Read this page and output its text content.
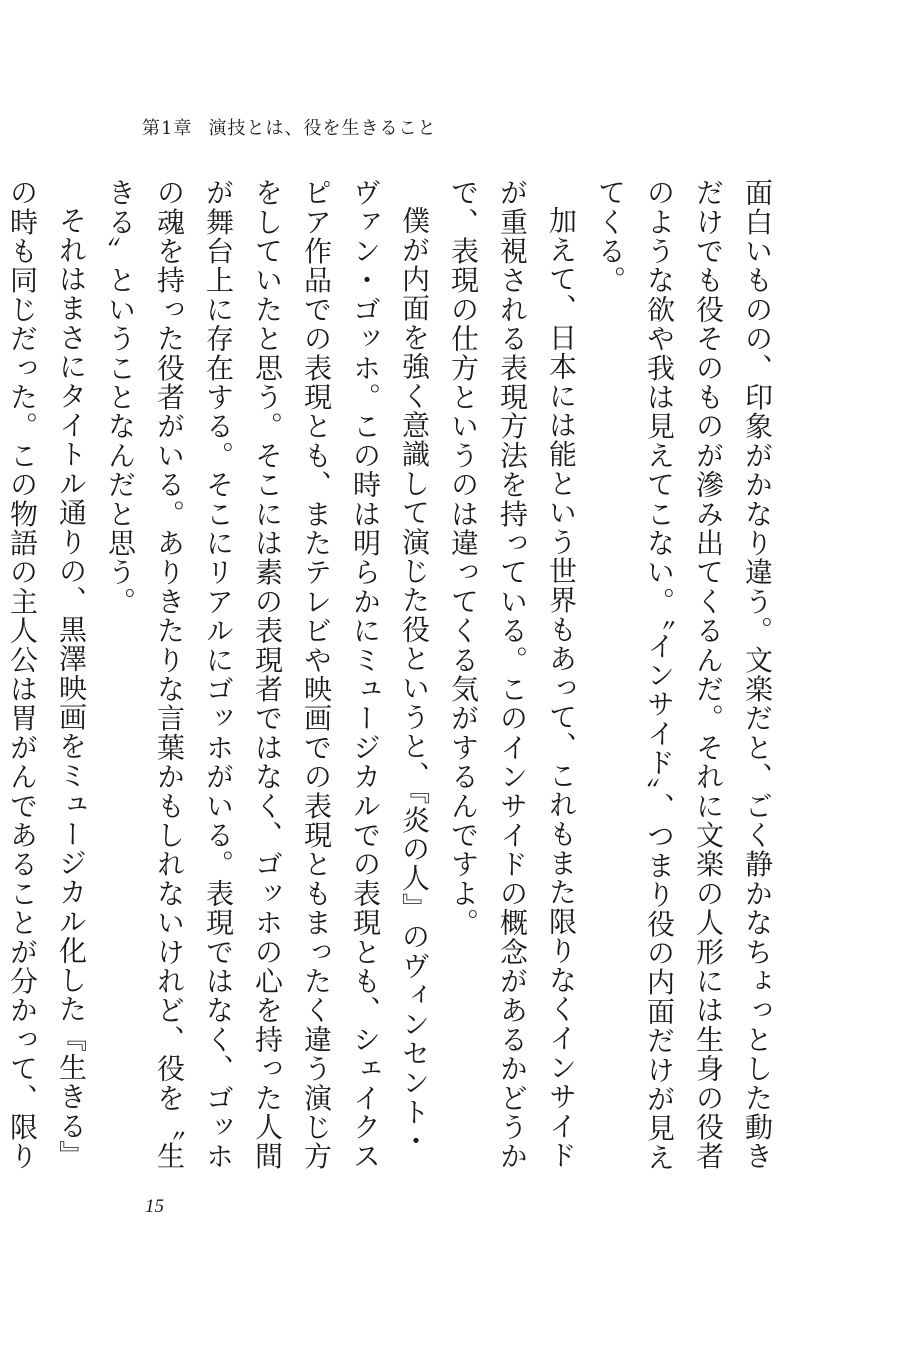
第1章 演技とは、役を生きること

面白いものの、印象がかなり違う。文楽だと、ごく静かなちょっとした動きだけでも役そのものが滲み出てくるんだ。それに文楽の人形には生身の役者のような欲や我は見えてこない。〝インサイド〟、つまり役の内面だけが見えてくる。

加えて、日本には能という世界もあって、これもまた限りなくインサイドが重視される表現方法を持っている。このインサイドの概念があるかどうかで、表現の仕方というのは違ってくる気がするんですよ。

僕が内面を強く意識して演じた役というと、『炎の人』のヴィンセント・ヴァン・ゴッホ。この時は明らかにミュージカルでの表現とも、シェイクスピア作品での表現とも、またテレビや映画での表現ともまったく違う演じ方をしていたと思う。そこには素の表現者ではなく、ゴッホの心を持った人間が舞台上に存在する。そこにリアルにゴッホがいる。表現ではなく、ゴッホの魂を持った役者がいる。ありきたりな言葉かもしれないけれど、役を〝生きる〟ということなんだと思う。

それはまさにタイトル通りの、黒澤映画をミュージカル化した『生きる』の時も同じだった。この物語の主人公は胃がんであることが分かって、限り

15
